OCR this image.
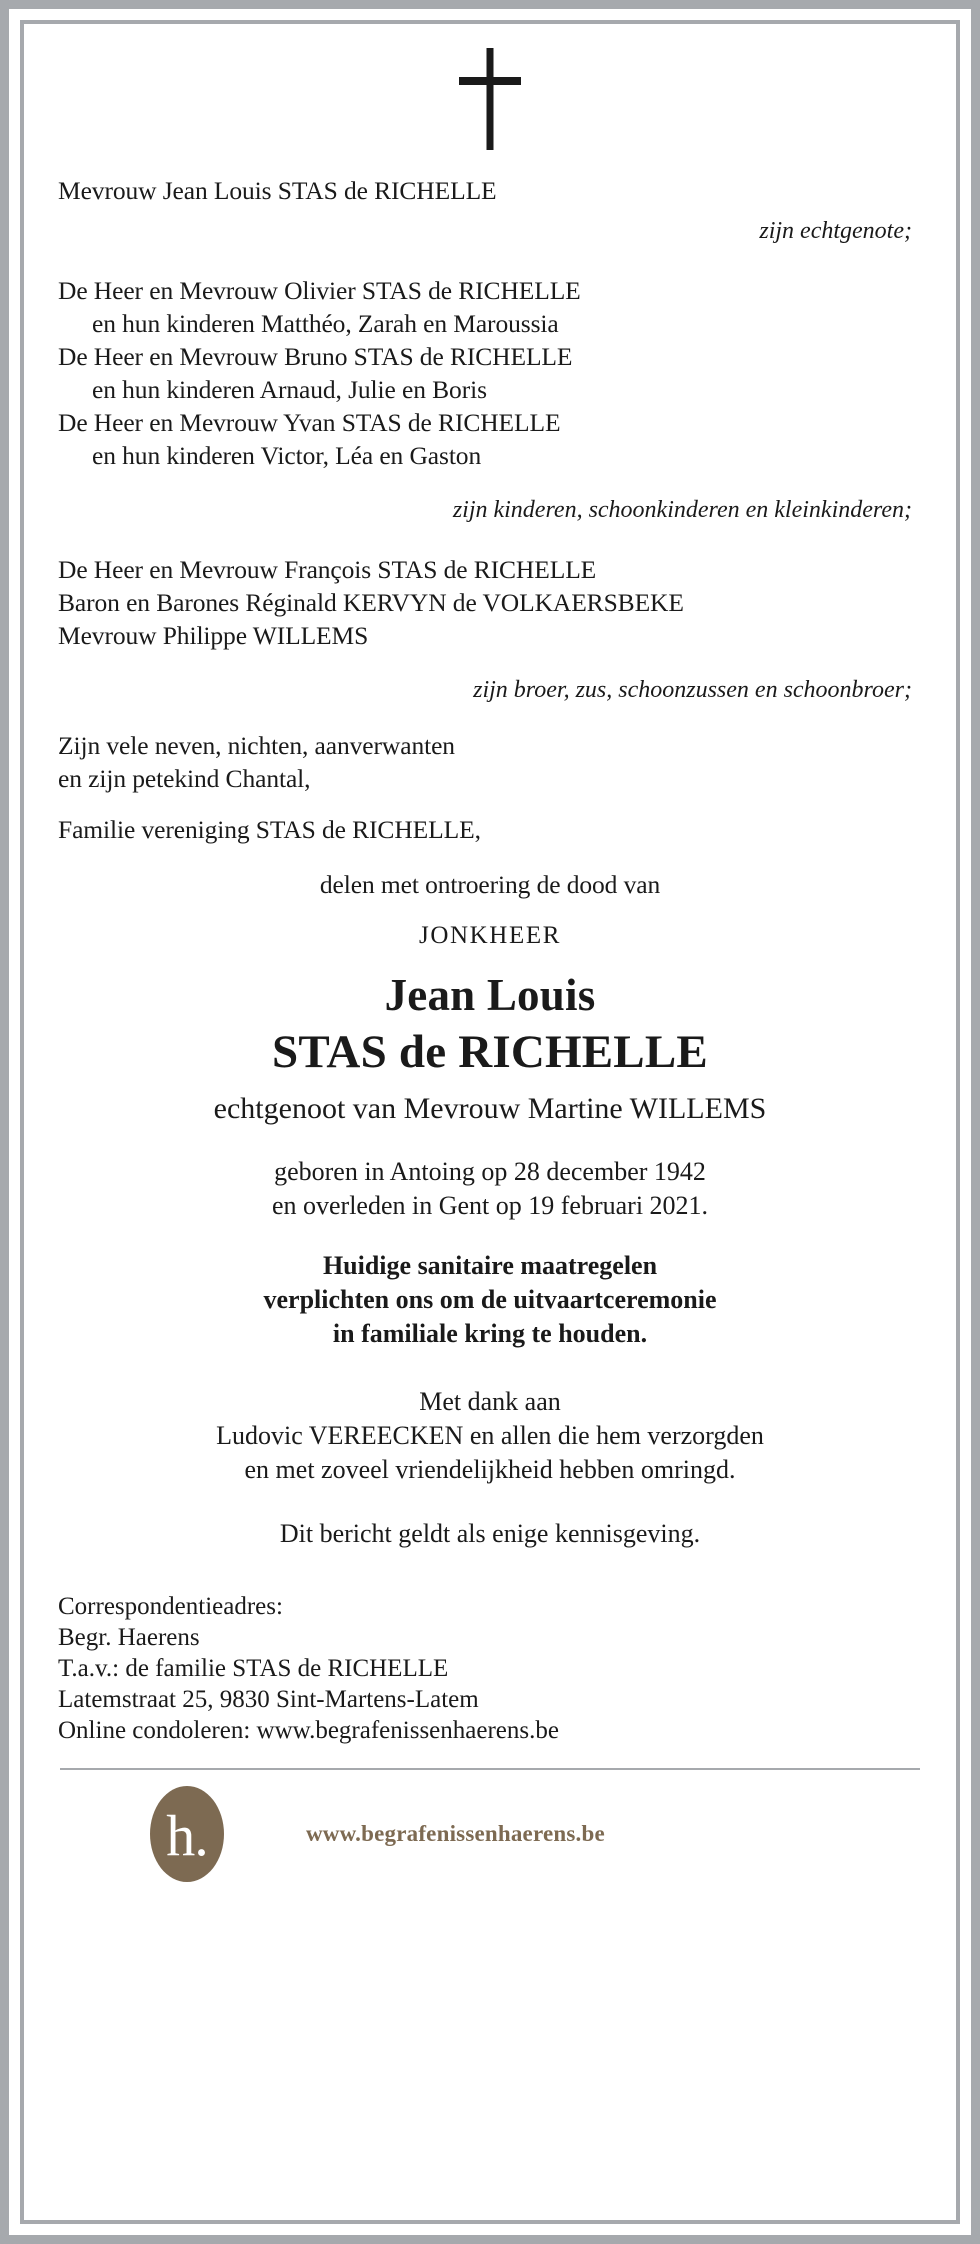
Mevrouw Jean Louis STAS de RICHELLE

zijn echtgenote;

De Heer en Mevrouw Olivier STAS de RICHELLE

en hun kinderen Matthéo, Zarah en Maroussia

De Heer en Mevrouw Bruno STAS de RICHELLE

en hun kinderen Arnaud, Julie en Boris

De Heer en Mevrouw Yvan STAS de RICHELLE

en hun kinderen Victor, Léa en Gaston

zijn kinderen, schoonkinderen en kleinkinderen;

De Heer en Mevrouw François STAS de RICHELLE

Baron en Barones Réginald KERVYN de VOLKAERSBEKE

Mevrouw Philippe WILLEMS

zijn broer, zus, schoonzussen en schoonbroer;

Zijn vele neven, nichten, aanverwanten

en zijn petekind Chantal,

Familie vereniging STAS de RICHELLE,

delen met ontroering de dood van

JONKHEER

Jean Louis

STAS de RICHELLE

echtgenoot van Mevrouw Martine WILLEMS

geboren in Antoing op 28 december 1942

en overleden in Gent op 19 februari 2021.

Huidige sanitaire maatregelen

verplichten ons om de uitvaartceremonie

in familiale kring te houden.

Met dank aan

Ludovic VEREECKEN en allen die hem verzorgden

en met zoveel vriendelijkheid hebben omringd.

Dit bericht geldt als enige kennisgeving.

Correspondentieadres:

Begr. Haerens

T.a.v.: de familie STAS de RICHELLE

Latemstraat 25, 9830 Sint-Martens-Latem

Online condoleren: www.begrafenissenhaerens.be

h.	www.begrafenissenhaerens.be
